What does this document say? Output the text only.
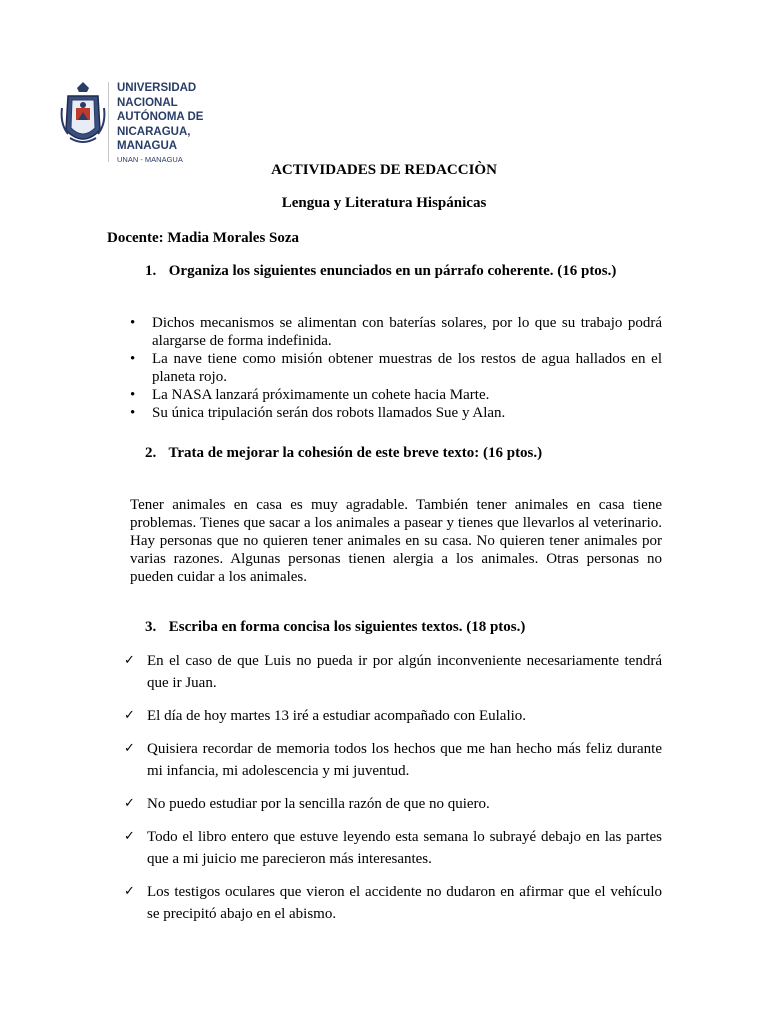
UNIVERSIDAD
NACIONAL
AUTÓNOMA DE
NICARAGUA,
MANAGUA
UNAN - MANAGUA
ACTIVIDADES DE REDACCIÒN
Lengua y Literatura Hispánicas
Docente: Madia Morales Soza
1. Organiza los siguientes enunciados en un párrafo coherente. (16 ptos.)
• Dichos mecanismos se alimentan con baterías solares, por lo que su trabajo podrá alargarse de forma indefinida.
• La nave tiene como misión obtener muestras de los restos de agua hallados en el planeta rojo.
• La NASA lanzará próximamente un cohete hacia Marte.
• Su única tripulación serán dos robots llamados Sue y Alan.
2. Trata de mejorar la cohesión de este breve texto: (16 ptos.)
Tener animales en casa es muy agradable. También tener animales en casa tiene problemas. Tienes que sacar a los animales a pasear y tienes que llevarlos al veterinario. Hay personas que no quieren tener animales en su casa. No quieren tener animales por varias razones. Algunas personas tienen alergia a los animales. Otras personas no pueden cuidar a los animales.
3. Escriba en forma concisa los siguientes textos. (18 ptos.)
✓ En el caso de que Luis no pueda ir por algún inconveniente necesariamente tendrá que ir Juan.
✓ El día de hoy martes 13 iré a estudiar acompañado con Eulalio.
✓ Quisiera recordar de memoria todos los hechos que me han hecho más feliz durante mi infancia, mi adolescencia y mi juventud.
✓ No puedo estudiar por la sencilla razón de que no quiero.
✓ Todo el libro entero que estuve leyendo esta semana lo subrayé debajo en las partes que a mi juicio me parecieron más interesantes.
✓ Los testigos oculares que vieron el accidente no dudaron en afirmar que el vehículo se precipitó abajo en el abismo.
